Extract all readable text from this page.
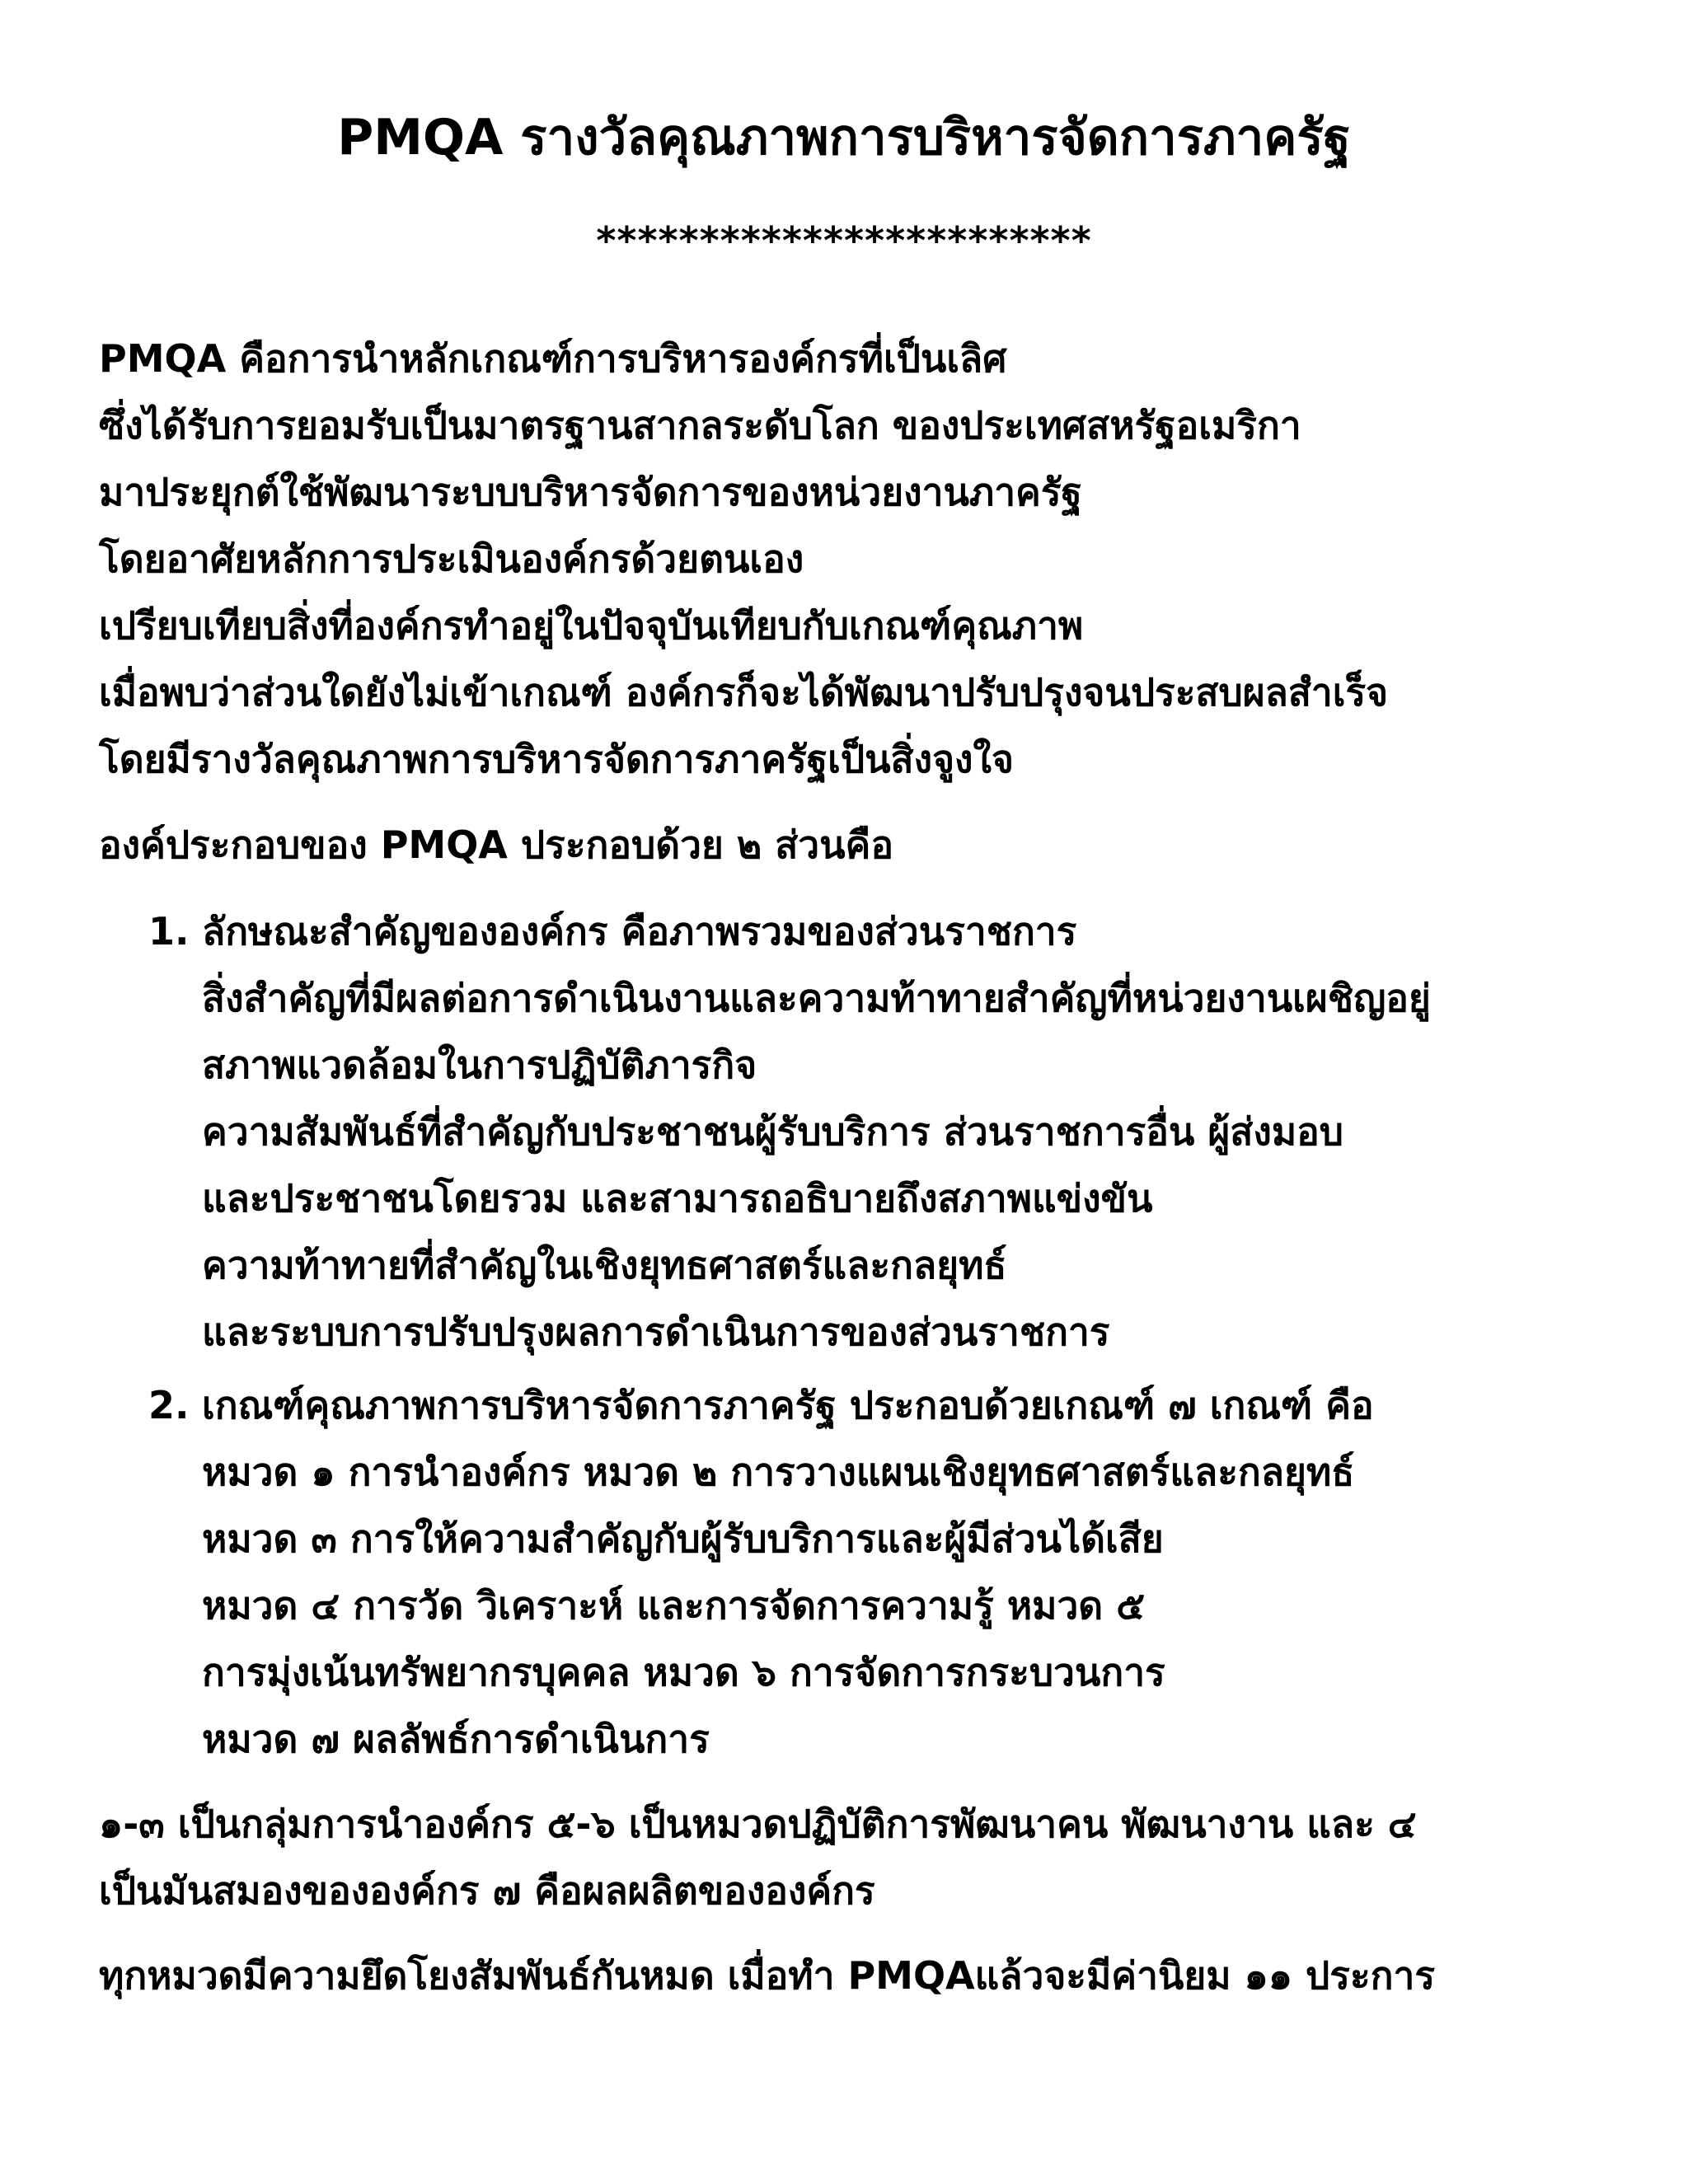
PMQA รางวัลคุณภาพการบริหารจัดการภาครัฐ
************************

PMQA คือการนำหลักเกณฑ์การบริหารองค์กรที่เป็นเลิศ

ซึ่งได้รับการยอมรับเป็นมาตรฐานสากลระดับโลก ของประเทศสหรัฐอเมริกา

มาประยุกต์ใช้พัฒนาระบบบริหารจัดการของหน่วยงานภาครัฐ

โดยอาศัยหลักการประเมินองค์กรด้วยตนเอง

เปรียบเทียบสิ่งที่องค์กรทำอยู่ในปัจจุบันเทียบกับเกณฑ์คุณภาพ

เมื่อพบว่าส่วนใดยังไม่เข้าเกณฑ์ องค์กรก็จะได้พัฒนาปรับปรุงจนประสบผลสำเร็จ

โดยมีรางวัลคุณภาพการบริหารจัดการภาครัฐเป็นสิ่งจูงใจ

องค์ประกอบของ PMQA ประกอบด้วย ๒ ส่วนคือ

1. ลักษณะสำคัญขององค์กร คือภาพรวมของส่วนราชการ

สิ่งสำคัญที่มีผลต่อการดำเนินงานและความท้าทายสำคัญที่หน่วยงานเผชิญอยู่

สภาพแวดล้อมในการปฏิบัติภารกิจ

ความสัมพันธ์ที่สำคัญกับประชาชนผู้รับบริการ ส่วนราชการอื่น ผู้ส่งมอบ

และประชาชนโดยรวม และสามารถอธิบายถึงสภาพแข่งขัน

ความท้าทายที่สำคัญในเชิงยุทธศาสตร์และกลยุทธ์

และระบบการปรับปรุงผลการดำเนินการของส่วนราชการ

2. เกณฑ์คุณภาพการบริหารจัดการภาครัฐ ประกอบด้วยเกณฑ์ ๗ เกณฑ์ คือ

หมวด ๑ การนำองค์กร หมวด ๒ การวางแผนเชิงยุทธศาสตร์และกลยุทธ์

หมวด ๓ การให้ความสำคัญกับผู้รับบริการและผู้มีส่วนได้เสีย

หมวด ๔ การวัด วิเคราะห์ และการจัดการความรู้ หมวด ๕

การมุ่งเน้นทรัพยากรบุคคล หมวด ๖ การจัดการกระบวนการ

หมวด ๗ ผลลัพธ์การดำเนินการ

๑-๓ เป็นกลุ่มการนำองค์กร ๕-๖ เป็นหมวดปฏิบัติการพัฒนาคน พัฒนางาน และ ๔

เป็นมันสมองขององค์กร ๗ คือผลผลิตขององค์กร

ทุกหมวดมีความยึดโยงสัมพันธ์กันหมด เมื่อทำ PMQAแล้วจะมีค่านิยม ๑๑ ประการ
